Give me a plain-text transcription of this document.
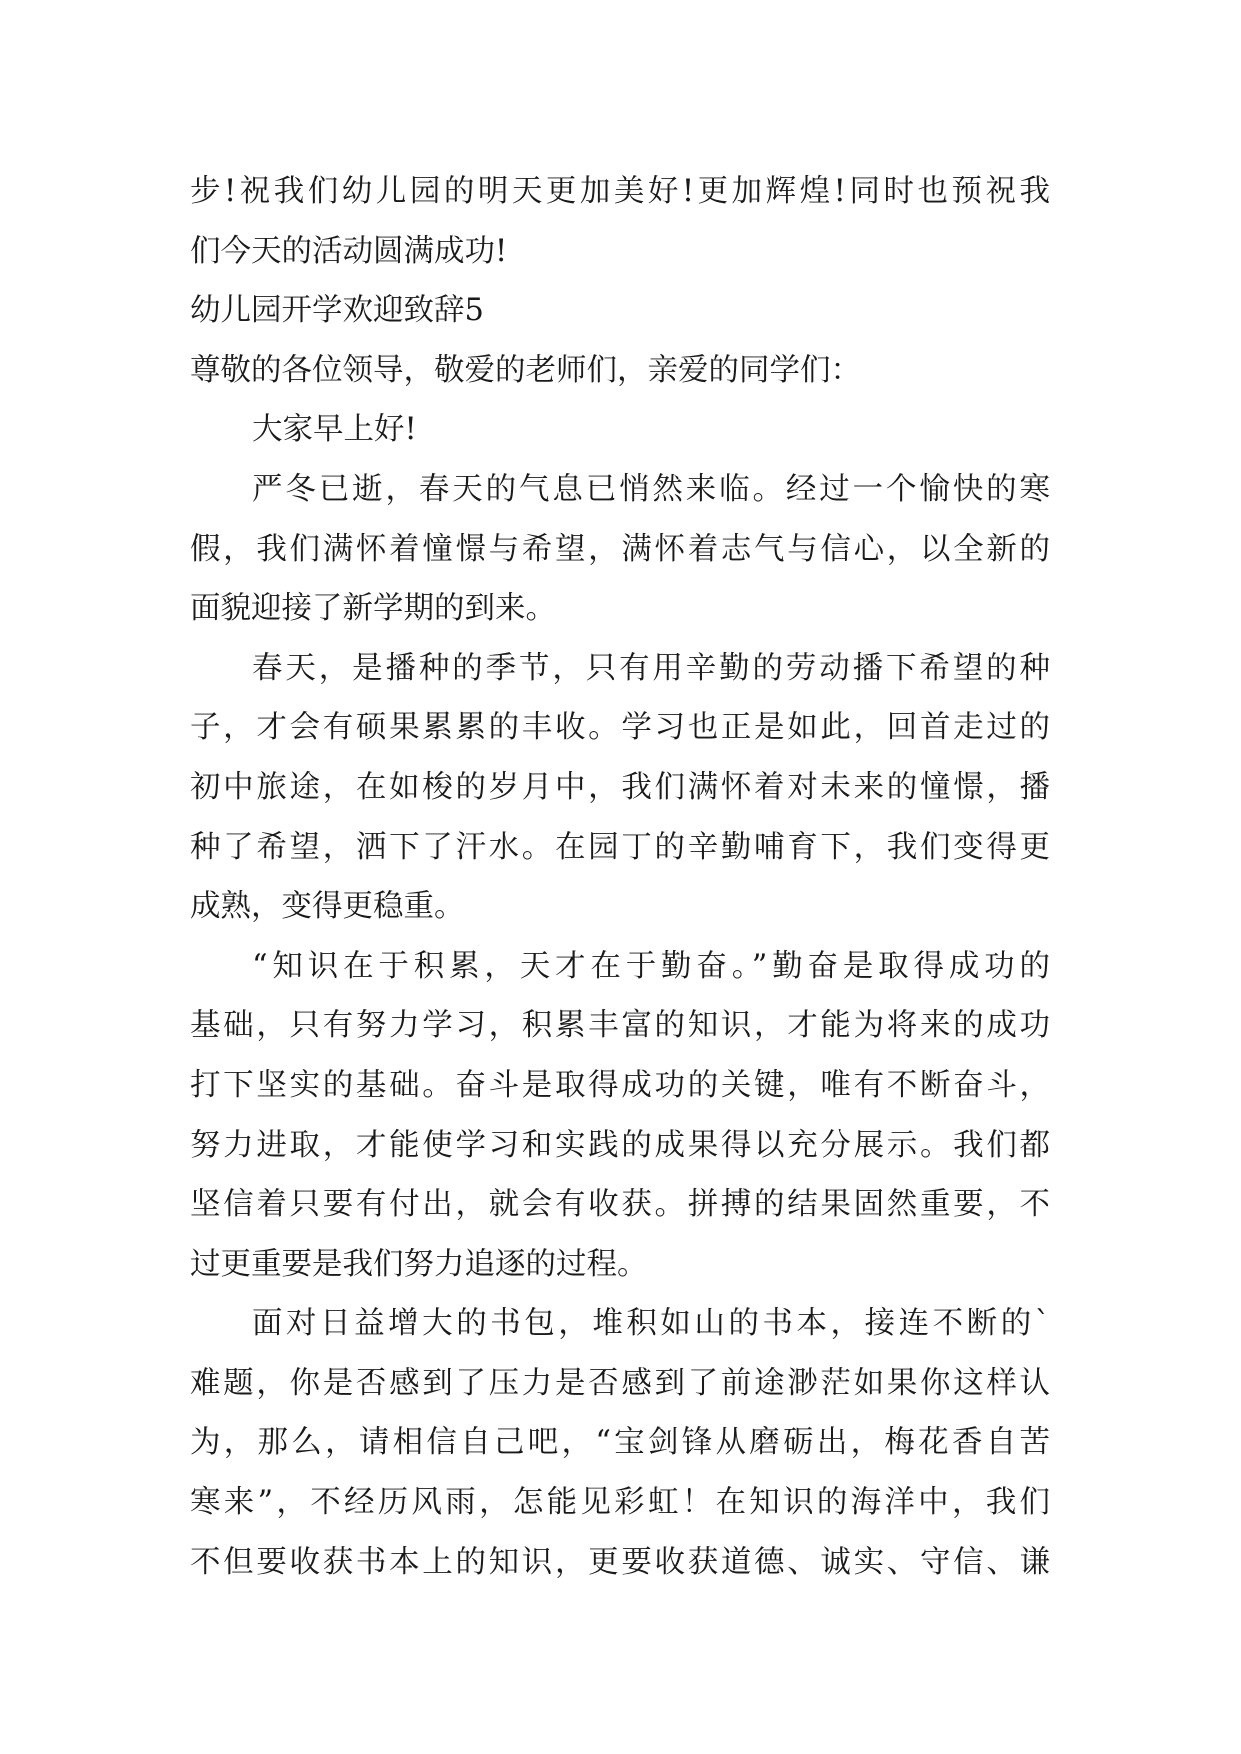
步!祝我们幼儿园的明天更加美好!更加辉煌!同时也预祝我
们今天的活动圆满成功!
幼儿园开学欢迎致辞5
尊敬的各位领导，敬爱的老师们，亲爱的同学们：
大家早上好!
严冬已逝，春天的气息已悄然来临。经过一个愉快的寒
假，我们满怀着憧憬与希望，满怀着志气与信心，以全新的
面貌迎接了新学期的到来。
春天，是播种的季节，只有用辛勤的劳动播下希望的种
子，才会有硕果累累的丰收。学习也正是如此，回首走过的
初中旅途，在如梭的岁月中，我们满怀着对未来的憧憬，播
种了希望，洒下了汗水。在园丁的辛勤哺育下，我们变得更
成熟，变得更稳重。
“知识在于积累，天才在于勤奋。”勤奋是取得成功的
基础，只有努力学习，积累丰富的知识，才能为将来的成功
打下坚实的基础。奋斗是取得成功的关键，唯有不断奋斗，
努力进取，才能使学习和实践的成果得以充分展示。我们都
坚信着只要有付出，就会有收获。拼搏的结果固然重要，不
过更重要是我们努力追逐的过程。
面对日益增大的书包，堆积如山的书本，接连不断的`
难题，你是否感到了压力是否感到了前途渺茫如果你这样认
为，那么，请相信自己吧，“宝剑锋从磨砺出，梅花香自苦
寒来”，不经历风雨，怎能见彩虹！在知识的海洋中，我们
不但要收获书本上的知识，更要收获道德、诚实、守信、谦
